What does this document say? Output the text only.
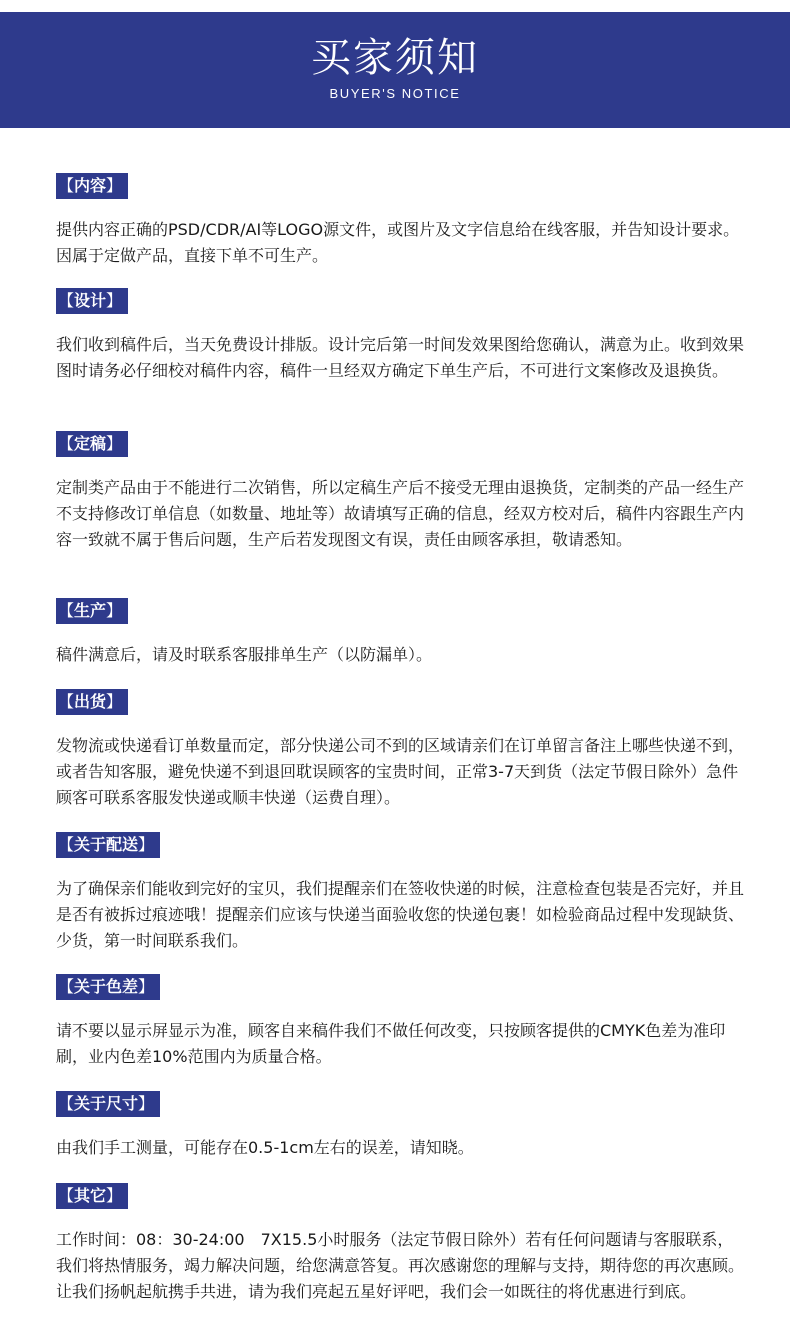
买家须知
BUYER'S NOTICE
【内容】
提供内容正确的PSD/CDR/AI等LOGO源文件，或图片及文字信息给在线客服，并告知设计要求。因属于定做产品，直接下单不可生产。
【设计】
我们收到稿件后，当天免费设计排版。设计完后第一时间发效果图给您确认，满意为止。收到效果图时请务必仔细校对稿件内容，稿件一旦经双方确定下单生产后，不可进行文案修改及退换货。
【定稿】
定制类产品由于不能进行二次销售，所以定稿生产后不接受无理由退换货，定制类的产品一经生产不支持修改订单信息（如数量、地址等）故请填写正确的信息，经双方校对后，稿件内容跟生产内容一致就不属于售后问题，生产后若发现图文有误，责任由顾客承担，敬请悉知。
【生产】
稿件满意后，请及时联系客服排单生产（以防漏单）。
【出货】
发物流或快递看订单数量而定，部分快递公司不到的区域请亲们在订单留言备注上哪些快递不到，或者告知客服，避免快递不到退回耽误顾客的宝贵时间，正常3-7天到货（法定节假日除外）急件顾客可联系客服发快递或顺丰快递（运费自理）。
【关于配送】
为了确保亲们能收到完好的宝贝，我们提醒亲们在签收快递的时候，注意检查包装是否完好，并且是否有被拆过痕迹哦！提醒亲们应该与快递当面验收您的快递包裹！如检验商品过程中发现缺货、少货，第一时间联系我们。
【关于色差】
请不要以显示屏显示为准，顾客自来稿件我们不做任何改变，只按顾客提供的CMYK色差为准印刷，业内色差10%范围内为质量合格。
【关于尺寸】
由我们手工测量，可能存在0.5-1cm左右的误差，请知晓。
【其它】
工作时间：08：30-24:00　7X15.5小时服务（法定节假日除外）若有任何问题请与客服联系，我们将热情服务，竭力解决问题，给您满意答复。再次感谢您的理解与支持，期待您的再次惠顾。让我们扬帆起航携手共进，请为我们亮起五星好评吧，我们会一如既往的将优惠进行到底。
